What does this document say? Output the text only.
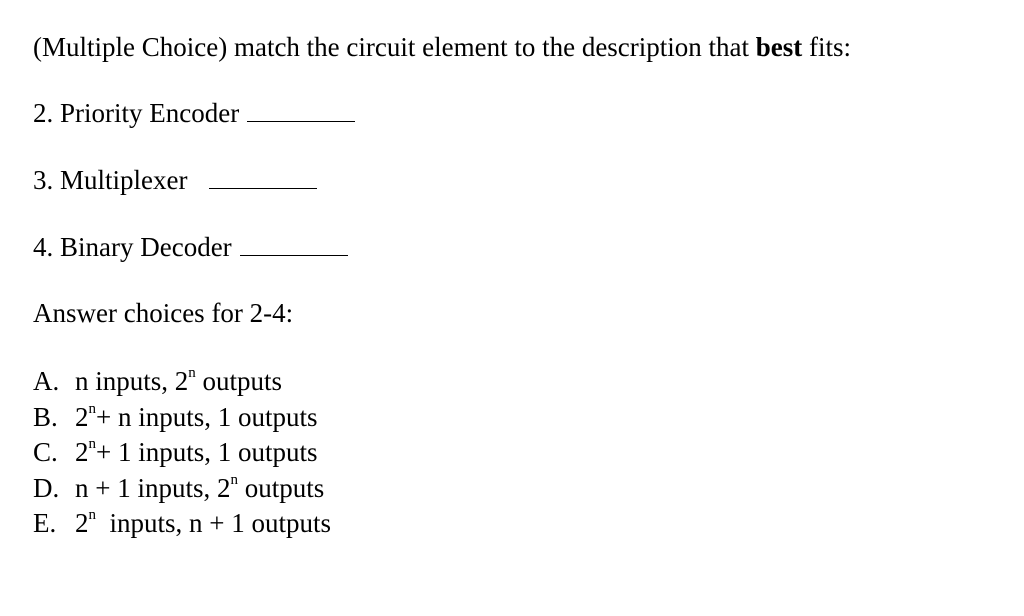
(Multiple Choice) match the circuit element to the description that best fits:
2. Priority Encoder
3. Multiplexer
4. Binary Decoder
Answer choices for 2-4:
A. n inputs, 2$^n$ outputs
B. $2^n+ n$ inputs, 1 outputs
C. $2^n+ 1$ inputs, 1 outputs
D. n + 1 inputs, 2$^n$ outputs
E. 2$^n$  inputs, n + 1 outputs
